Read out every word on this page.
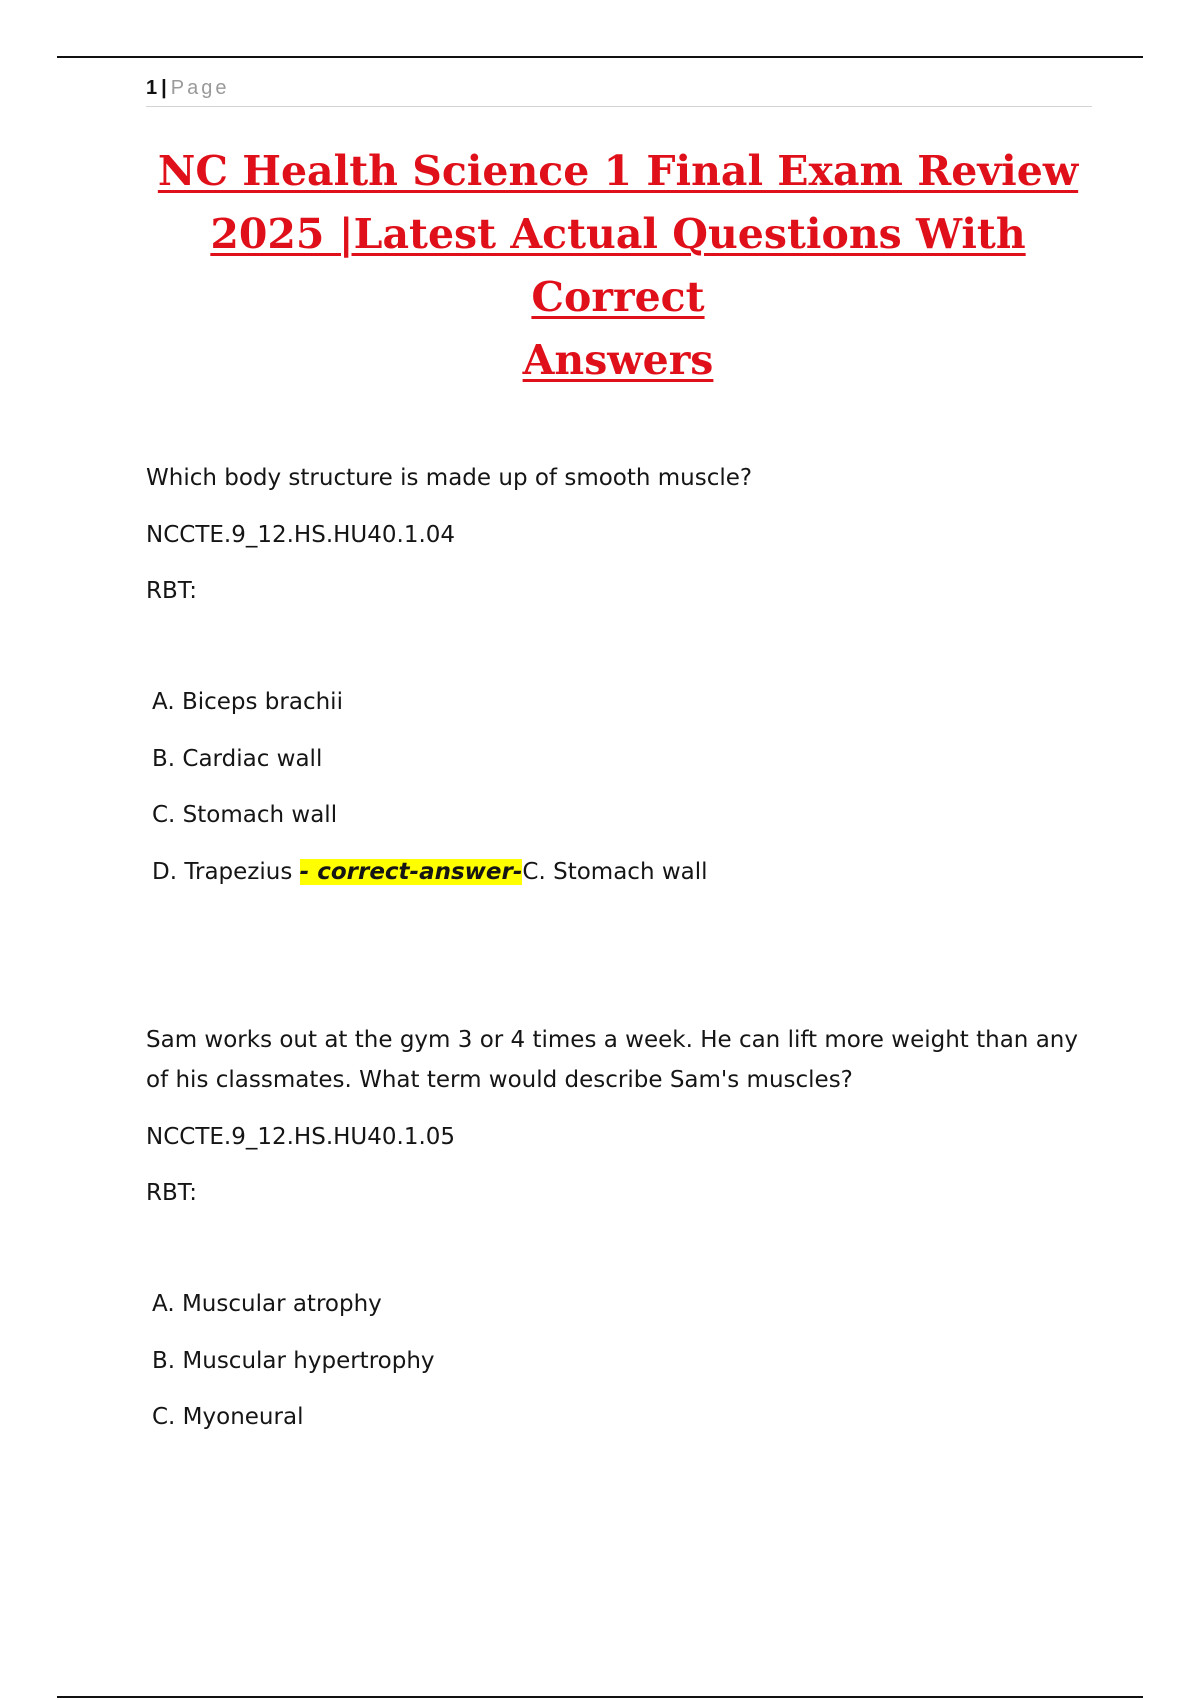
1 | Page
NC Health Science 1 Final Exam Review
2025 |Latest Actual Questions With Correct
Answers

Which body structure is made up of smooth muscle?

NCCTE.9_12.HS.HU40.1.04

RBT:

A. Biceps brachii

B. Cardiac wall

C. Stomach wall

D. Trapezius - correct-answer-C. Stomach wall

Sam works out at the gym 3 or 4 times a week. He can lift more weight than any of his classmates. What term would describe Sam's muscles?

NCCTE.9_12.HS.HU40.1.05

RBT:

A. Muscular atrophy

B. Muscular hypertrophy

C. Myoneural
